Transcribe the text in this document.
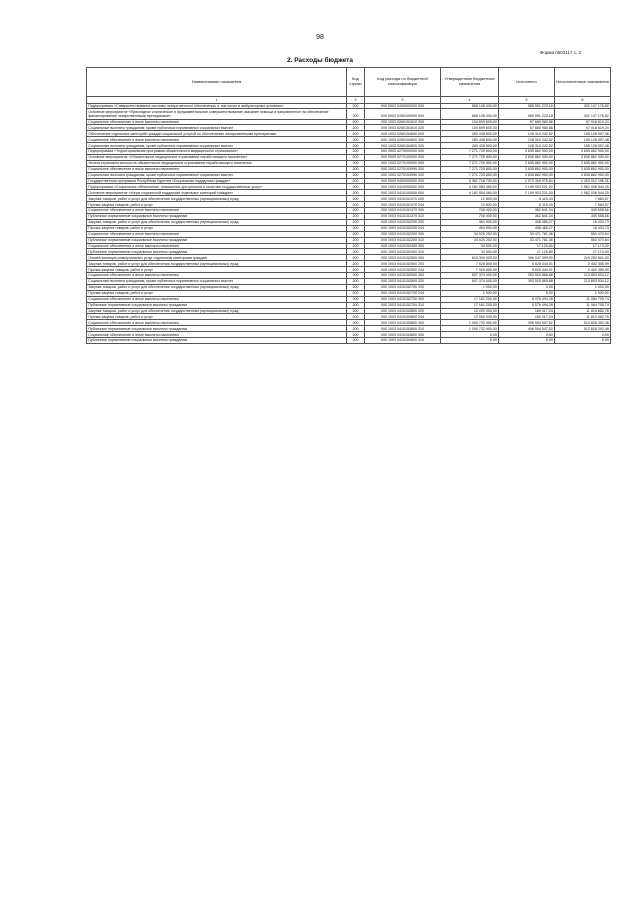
98
Форма 0503117 с. 2
2. Расходы бюджета
Наименование показателя	Код строки	Код расхода по бюджетной классификации	Утвержденные бюджетные назначения	Исполнено	Неисполненные назначения
1	2	3	4	5	6
Подпрограмма «Совершенствование системы лекарственного обеспечения, в том числе в амбулаторных условиях»	200	000 0902 0260000000 000	888 138 400,00	585 991 223,18	302 147 176,82
Основное мероприятие «Прикладное клиническое и фундаментальное совершенствование оказание помощи и направленное на обеспечение финансирования лекарственными препаратами»	200	000 0902 0260100000 000	888 138 400,00	585 991 223,18	302 147 176,82
Социальное обеспечение и иные выплаты населению	200	000 1003 0260151610 300	104 699 600,00	57 680 980,86	47 018 619,24
Социальные выплаты гражданам, кроме публичных нормативных социальных выплат	200	000 1003 0260151610 320	104 699 600,00	57 680 980,86	47 018 619,24
Обеспечение отдельных категорий граждан социальной услугой по обеспечению лекарственными препаратами	200	000 1003 0260154600 000	283 438 800,00	128 310 242,52	155 128 557,48
Социальное обеспечение и иные выплаты населению	200	000 1003 0260154600 300	283 438 800,00	128 310 242,52	155 128 557,48
Социальные выплаты гражданам, кроме публичных нормативных социальных выплат	200	000 1003 0260154600 320	283 438 800,00	128 310 242,52	155 128 557,48
Подпрограмма «Территориальная программа обязательного медицинского страхования»	200	000 0900 0270000000 000	7 271 725 800,00	3 635 862 900,00	3 635 862 900,00
Основное мероприятие «Обязательное медицинское страхование неработающего населения»	200	000 0909 0270100000 000	7 271 725 800,00	3 635 862 900,00	3 635 862 900,00
Уплата страхового взноса на обязательное медицинское страхование неработающего населения	200	000 1003 0270193990 000	7 271 725 800,00	3 635 862 900,00	3 635 862 900,00
Социальное обеспечение и иные выплаты населению	200	000 1003 0270193990 300	7 271 725 800,00	3 635 862 900,00	3 635 862 900,00
Социальные выплаты гражданам, кроме публичных нормативных социальных выплат	200	000 1003 0270193990 320	7 271 725 800,00	3 635 862 900,00	3 635 862 900,00
Государственная программа Республики Бурятия «Социальная поддержка граждан»	200	000 0000 0400000000 000	5 361 718 700,00	2 973 395 076,84	2 403 012 196,31
Подпрограмма «Социальное обеспечение, повышение доступности и качества государственных услуг»	200	000 1003 0410000000 000	4 161 954 460,00	2 199 903 221,00	1 962 036 544,25
Основное мероприятие «Меры социальной поддержки отдельных категорий граждан»	200	000 1003 0410100000 000	4 161 954 460,00	2 199 903 221,00	1 962 036 544,25
Закупка товаров, работ и услуг для обеспечения государственных (муниципальных) нужд	200	000 1003 0410151370 200	12 800,00	5 115,43	7 684,57
Прочая закупка товаров, работ и услуг	200	000 1003 0410151370 244	12 800,00	5 115,43	7 684,57
Социальное обеспечение и иные выплаты населению	200	000 1003 0410151370 300	708 400,00	362 841,34	345 558,66
Публичные нормативные социальные выплаты гражданам	200	000 1003 0410151370 310	708 400,00	362 841,34	345 558,66
Закупка товаров, работ и услуг для обеспечения государственных (муниципальных) нужд	200	000 1003 0410152200 200	454 900,00	438 465,27	16 434,73
Прочая закупка товаров, работ и услуг	200	000 1003 0410152200 244	454 900,00	438 465,27	16 434,73
Социальное обеспечение и иные выплаты населению	200	000 1003 0410152200 300	34 025 252,00	33 471 781,36	553 470,64
Публичные нормативные социальные выплаты гражданам	200	000 1003 0410152200 310	34 025 252,00	33 471 781,36	553 470,64
Социальное обеспечение и иные выплаты населению	200	000 1003 0410152400 300	34 300,00	17 125,80	17 174,20
Публичные нормативные социальные выплаты гражданам	200	000 1003 0410152400 310	34 300,00	17 125,80	17 174,20
Оплата жилищно-коммунальных услуг отдельным категориям граждан	200	000 1003 0410152500 000	615 300 000,00	396 047 399,00	219 252 601,00
Закупка товаров, работ и услуг для обеспечения государственных (муниципальных) нужд	200	000 1003 0410152500 200	7 928 800,00	5 526 444,01	2 402 355,99
Прочая закупка товаров, работ и услуг	200	000 1003 0410152500 244	7 928 800,00	5 526 444,01	2 402 355,99
Социальное обеспечение и иные выплаты населению	200	000 1003 0410152500 300	607 374 400,00	393 520 865,88	213 853 534,12
Социальные выплаты гражданам, кроме публичных нормативных социальных выплат	200	000 1003 0410152500 320	607 374 400,00	393 520 865,88	213 853 534,12
Закупка товаров, работ и услуг для обеспечения государственных (муниципальных) нужд	200	000 1003 0410152700 200	1 000,00	0,00	1 000,00
Прочая закупка товаров, работ и услуг	200	000 1003 0410152700 244	1 000,00	0,00	1 000,00
Социальное обеспечение и иные выплаты населению	200	000 1003 0410152700 300	17 161 200,00	6 076 494,26	11 084 705,74
Публичные нормативные социальные выплаты гражданам	200	000 1003 0410152700 310	17 161 200,00	6 076 494,26	11 084 705,74
Закупка товаров, работ и услуг для обеспечения государственных (муниципальных) нужд	200	000 1003 0410153800 200	12 000 000,00	189 317,24	11 810 682,76
Прочая закупка товаров, работ и услуг	200	000 1003 0410153800 244	12 000 000,00	189 317,24	11 810 682,76
Социальное обеспечение и иные выплаты населению	200	000 1003 0410153800 300	1 009 732 900,00	496 904 507,52	512 828 392,48
Публичные нормативные социальные выплаты гражданам	200	000 1003 0410153800 310	1 009 732 900,00	496 904 507,52	512 828 392,48
Социальное обеспечение и иные выплаты населению	200	000 1003 0410154600 300	0,00	0,00	0,00
Публичные нормативные социальные выплаты гражданам	200	000 1003 0410154600 310	0,00	0,00	0,00
